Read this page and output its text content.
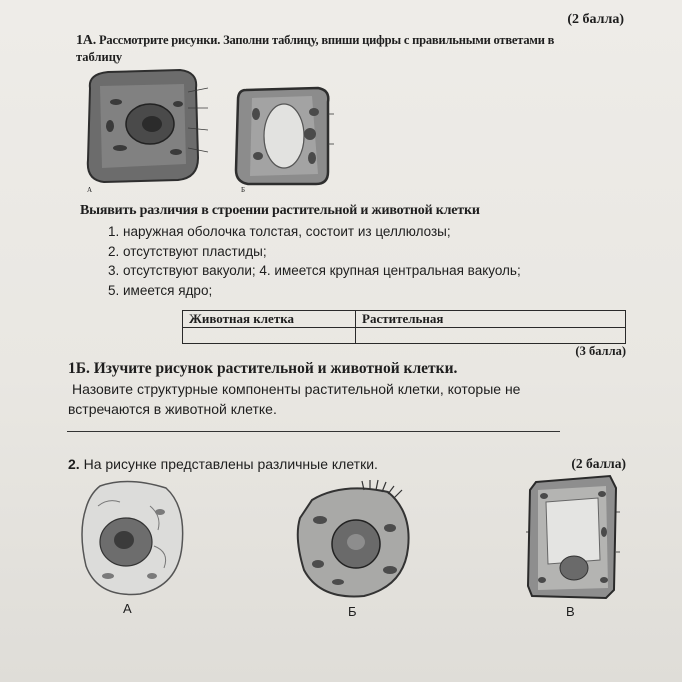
(2 балла)
1А. Рассмотрите рисунки. Заполни таблицу, впиши цифры с правильными ответами в
таблицу
А	Б
Выявить различия в строении растительной и животной клетки
1. наружная оболочка толстая, состоит из целлюлозы;
2. отсутствуют пластиды;
3. отсутствуют вакуоли; 4. имеется крупная центральная вакуоль;
5. имеется ядро;
Животная клетка	Растительная

(3 балла)
1Б. Изучите рисунок растительной и животной клетки.
Назовите структурные компоненты растительной клетки, которые не
встречаются в животной клетке.
2. На рисунке представлены различные клетки.	(2 балла)
А	Б	В
